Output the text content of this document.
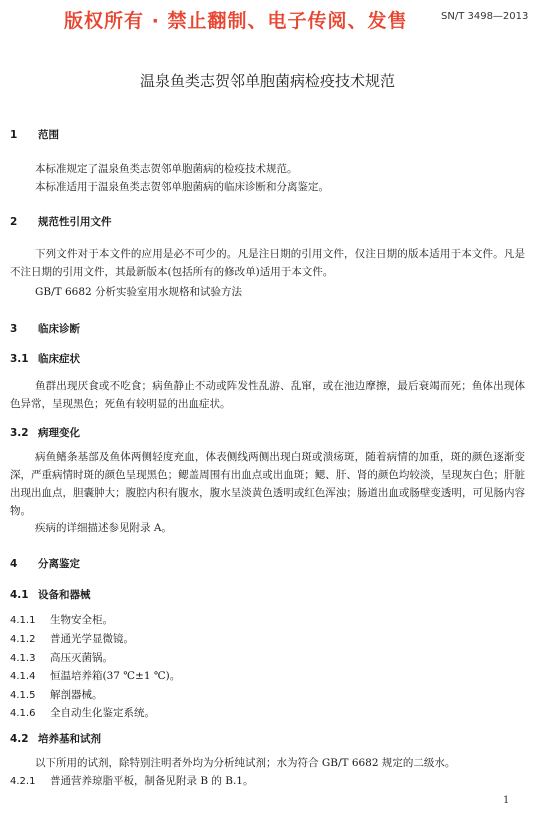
版权所有 · 禁止翻制、电子传阅、发售	SN/T 3498—2013
温泉鱼类志贺邻单胞菌病检疫技术规范
1 范围
本标准规定了温泉鱼类志贺邻单胞菌病的检疫技术规范。
本标准适用于温泉鱼类志贺邻单胞菌病的临床诊断和分离鉴定。
2 规范性引用文件
下列文件对于本文件的应用是必不可少的。凡是注日期的引用文件，仅注日期的版本适用于本文件。凡是不注日期的引用文件，其最新版本(包括所有的修改单)适用于本文件。
GB/T 6682 分析实验室用水规格和试验方法
3 临床诊断
3.1 临床症状
鱼群出现厌食或不吃食；病鱼静止不动或阵发性乱游、乱窜，或在池边摩擦，最后衰竭而死；鱼体出现体色异常，呈现黑色；死鱼有较明显的出血症状。
3.2 病理变化
病鱼鳍条基部及鱼体两侧轻度充血，体表侧线两侧出现白斑或溃疡斑，随着病情的加重，斑的颜色逐渐变深，严重病情时斑的颜色呈现黑色；鳃盖周围有出血点或出血斑；鳃、肝、肾的颜色均较淡，呈现灰白色；肝脏出现出血点，胆囊肿大；腹腔内积有腹水，腹水呈淡黄色透明或红色浑浊；肠道出血或肠壁变透明，可见肠内容物。
疾病的详细描述参见附录 A。
4 分离鉴定
4.1 设备和器械
4.1.1 生物安全柜。
4.1.2 普通光学显微镜。
4.1.3 高压灭菌锅。
4.1.4 恒温培养箱(37 ℃±1 ℃)。
4.1.5 解剖器械。
4.1.6 全自动生化鉴定系统。
4.2 培养基和试剂
以下所用的试剂，除特别注明者外均为分析纯试剂；水为符合 GB/T 6682 规定的二级水。
4.2.1 普通营养琼脂平板，制备见附录 B 的 B.1。
1
